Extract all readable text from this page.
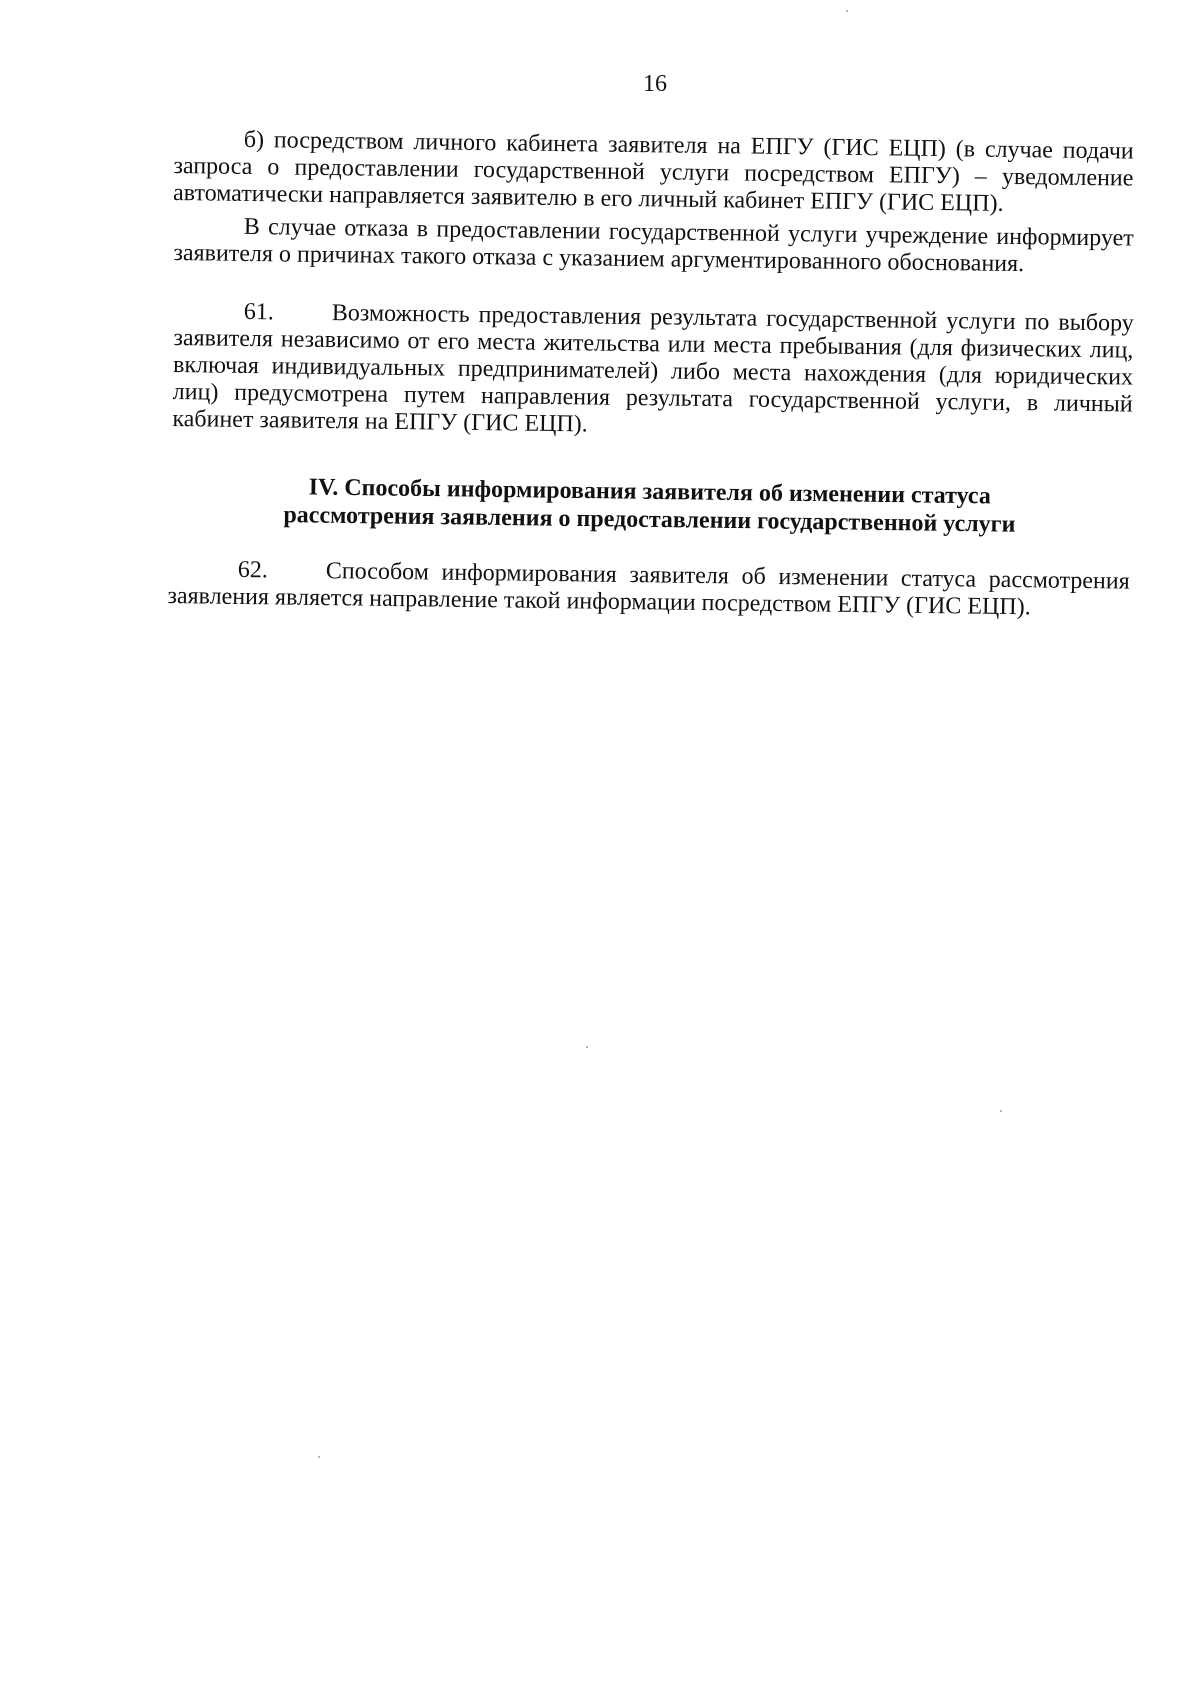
16

б) посредством личного кабинета заявителя на ЕПГУ (ГИС ЕЦП) (в случае подачи запроса о предоставлении государственной услуги посредством ЕПГУ) – уведомление автоматически направляется заявителю в его личный кабинет ЕПГУ (ГИС ЕЦП).

В случае отказа в предоставлении государственной услуги учреждение информирует заявителя о причинах такого отказа с указанием аргументированного обоснования.

61. Возможность предоставления результата государственной услуги по выбору заявителя независимо от его места жительства или места пребывания (для физических лиц, включая индивидуальных предпринимателей) либо места нахождения (для юридических лиц) предусмотрена путем направления результата государственной услуги, в личный кабинет заявителя на ЕПГУ (ГИС ЕЦП).

IV. Способы информирования заявителя об изменении статуса
рассмотрения заявления о предоставлении государственной услуги

62. Способом информирования заявителя об изменении статуса рассмотрения заявления является направление такой информации посредством ЕПГУ (ГИС ЕЦП).
